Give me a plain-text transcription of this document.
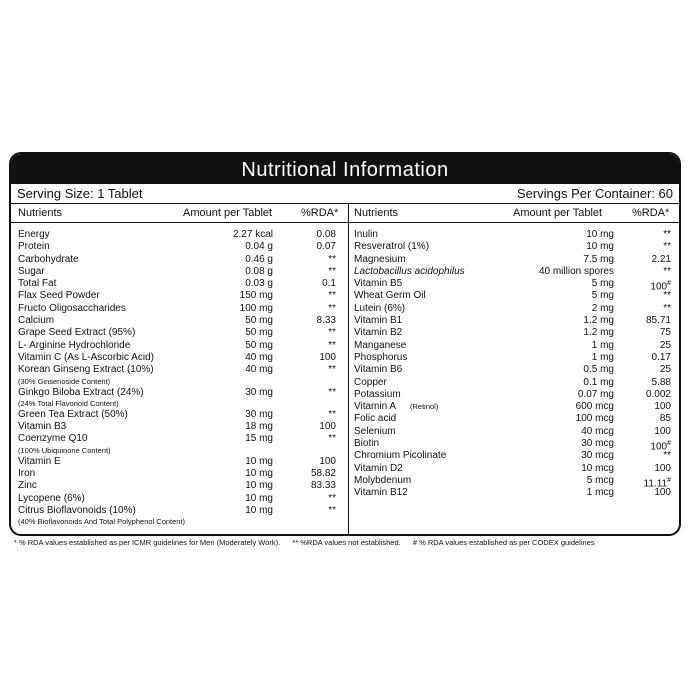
Nutritional Information
Serving Size: 1 Tablet	Servings Per Container: 60
Nutrients	Amount per Tablet	%RDA* Nutrients	Amount per Tablet	%RDA*
Energy	2.27 kcal	0.08
Protein	0.04 g	0.07
Carbohydrate	0.46 g	**
Sugar	0.08 g	**
Total Fat	0.03 g	0.1
Flax Seed Powder	150 mg	**
Fructo Oligosaccharides	100 mg	**
Calcium	50 mg	8.33
Grape Seed Extract (95%)	50 mg	**
L- Arginine Hydrochloride	50 mg	**
Vitamin C (As L-Ascorbic Acid)	40 mg	100
Korean Ginseng Extract (10%)	40 mg	**
(30% Ginsenoside Content)
Ginkgo Biloba Extract (24%)	30 mg	**
(24% Total Flavonoid Content)
Green Tea Extract (50%)	30 mg	**
Vitamin B3	18 mg	100
Coenzyme Q10	15 mg	**
(100% Ubiquinone Content)
Vitamin E	10 mg	100
Iron	10 mg	58.82
Zinc	10 mg	83.33
Lycopene (6%)	10 mg	**
Citrus Bioflavonoids (10%)	10 mg	**
(40% Bioflavonoids And Total Polyphenol Content)
Inulin	10 mg	**
Resveratrol (1%)	10 mg	**
Magnesium	7.5 mg	2.21
Lactobacillus acidophilus	40 million spores	**
Vitamin B5	5 mg	100#
Wheat Germ Oil	5 mg	**
Lutein (6%)	2 mg	**
Vitamin B1	1.2 mg	85.71
Vitamin B2	1.2 mg	75
Manganese	1 mg	25
Phosphorus	1 mg	0.17
Vitamin B6	0.5 mg	25
Copper	0.1 mg	5.88
Potassium	0.07 mg	0.002
Vitamin A (Retinol)	600 mcg	100
Folic acid	100 mcg	85
Selenium	40 mcg	100
Biotin	30 mcg	100#
Chromium Picolinate	30 mcg	**
Vitamin D2	10 mcg	100
Molybdenum	5 mcg	11.11#
Vitamin B12	1 mcg	100
* % RDA values established as per ICMR guidelines for Men (Moderately Work). ** %RDA values not established. # % RDA values established as per CODEX guidelines
